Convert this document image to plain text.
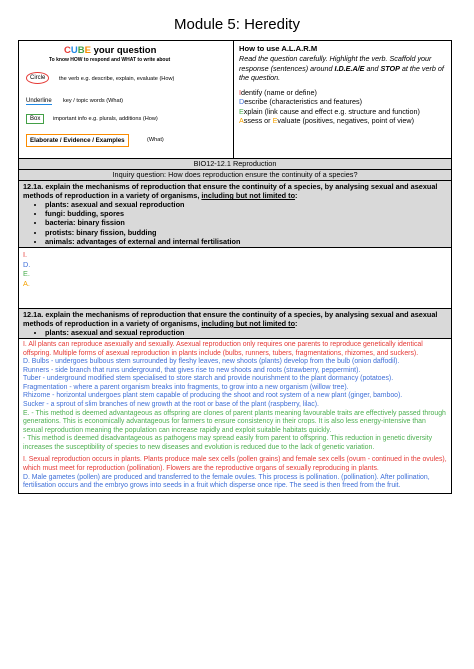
Module 5: Heredity
CUBE your question
To know HOW to respond and WHAT to write about
Circle	the verb e.g. describe, explain, evaluate (How)
Underline key / topic words (What)
Box	important info e.g. plurals, additions (How)
Elaborate / Evidence / Examples	(What)
How to use A.L.A.R.M
Read the question carefully. Highlight the verb. Scaffold your response (sentences) around I.D.E.A/E and STOP at the verb of the question.
Identify (name or define)
Describe (characteristics and features)
Explain (link cause and effect e.g. structure and function)
Assess or Evaluate (positives, negatives, point of view)
BIO12-12.1 Reproduction
Inquiry question: How does reproduction ensure the continuity of a species?
12.1a. explain the mechanisms of reproduction that ensure the continuity of a species, by analysing sexual and asexual methods of reproduction in a variety of organisms, including but not limited to:
• plants: asexual and sexual reproduction
• fungi: budding, spores
• bacteria: binary fission
• protists: binary fission, budding
• animals: advantages of external and internal fertilisation
I.
D.
E.
A.
12.1a. explain the mechanisms of reproduction that ensure the continuity of a species, by analysing sexual and asexual methods of reproduction in a variety of organisms, including but not limited to:
• plants: asexual and sexual reproduction

I. All plants can reproduce asexually and sexually. Asexual reproduction only requires one parents to reproduce genetically identical offspring. Multiple forms of asexual reproduction in plants include (bulbs, runners, tubers, fragmentations, rhizomes, and suckers).

D. Bulbs - undergoes bulbous stem surrounded by fleshy leaves, new shoots (plants) develop from the bulb (onion daffodil).

Runners - side branch that runs underground, that gives rise to new shoots and roots (strawberry, peppermint).

Tuber - underground modified stem specialised to store starch and provide nourishment to the plant dormancy (potatoes).

Fragmentation - where a parent organism breaks into fragments, to grow into a new organism (willow tree).

Rhizome - horizontal undergoes plant stem capable of producing the shoot and root system of a new plant (ginger, bamboo).

Sucker - a sprout of slim branches of new growth at the root or base of the plant (raspberry, lilac).

E. - This method is deemed advantageous as offspring are clones of parent plants meaning favourable traits are effectively passed through generations. This is economically advantageous for farmers to ensure consistency in their crops. It is also less energy-intensive than sexual reproduction meaning the population can increase rapidly and exploit suitable habitats quickly.

- This method is deemed disadvantageous as pathogens may spread easily from parent to offspring. This reduction in genetic diversity increases the susceptibility of species to new diseases and evolution is reduced due to the lack of genetic variation.

I. Sexual reproduction occurs in plants. Plants produce male sex cells (pollen grains) and female sex cells (ovum - continued in the ovules), which must meet for reproduction (pollination). Flowers are the reproductive organs of sexually reproducing in plants.

D. Male gametes (pollen) are produced and transferred to the female ovules. This process is pollination. (pollination). After pollination, fertilisation occurs and the embryo grows into seeds in a fruit which disperse once ripe. The seed is then freed from the fruit.
